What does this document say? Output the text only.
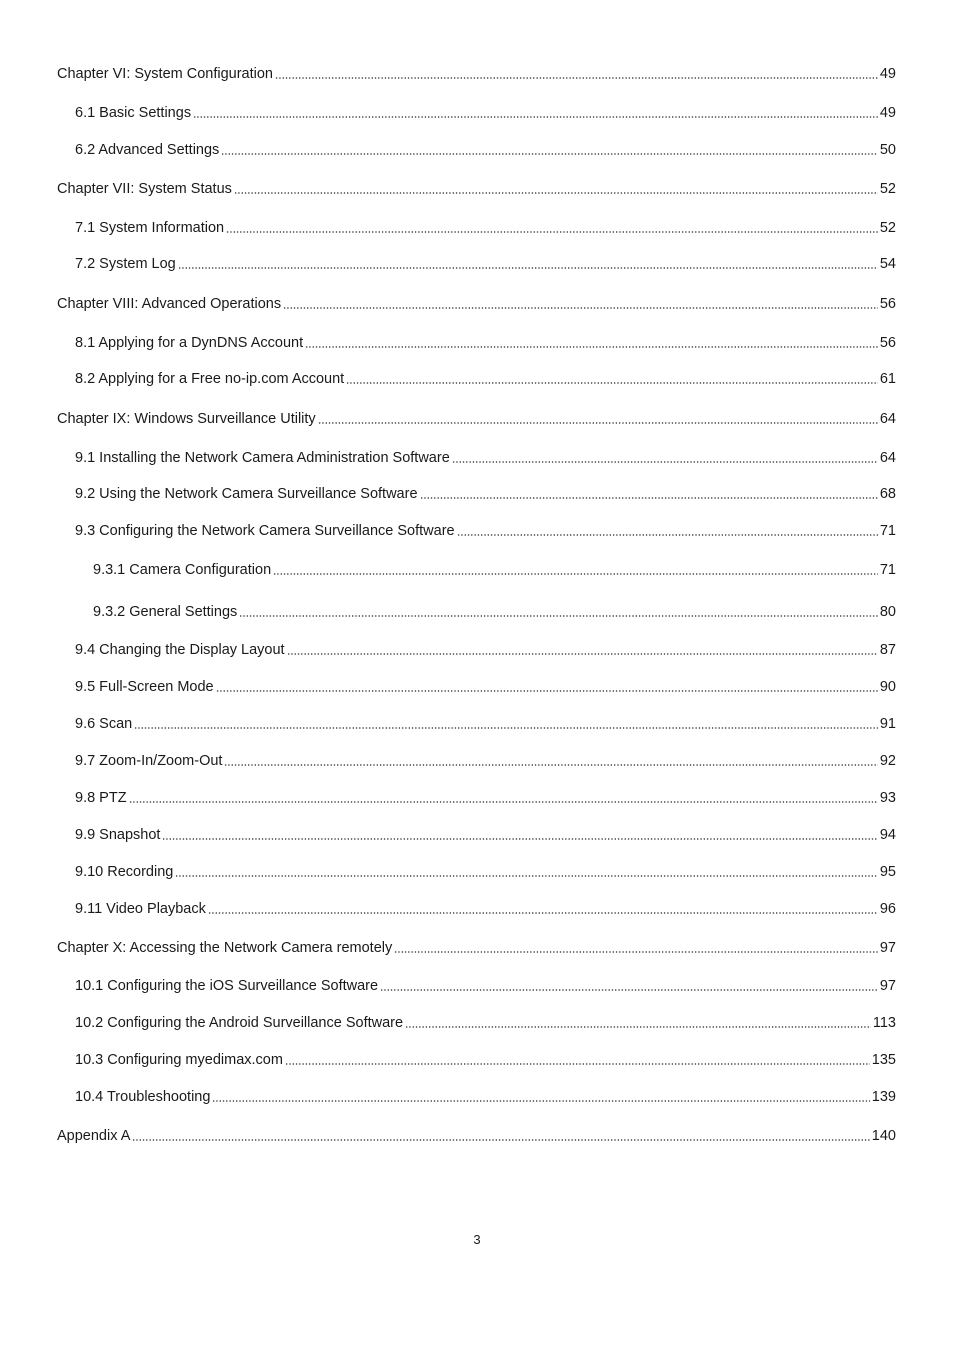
Chapter VI: System Configuration	49
6.1 Basic Settings	49
6.2 Advanced Settings	50
Chapter VII: System Status	52
7.1 System Information	52
7.2 System Log	54
Chapter VIII: Advanced Operations	56
8.1 Applying for a DynDNS Account	56
8.2 Applying for a Free no-ip.com Account	61
Chapter IX: Windows Surveillance Utility	64
9.1 Installing the Network Camera Administration Software	64
9.2 Using the Network Camera Surveillance Software	68
9.3 Configuring the Network Camera Surveillance Software	71
9.3.1 Camera Configuration	71
9.3.2 General Settings	80
9.4 Changing the Display Layout	87
9.5 Full-Screen Mode	90
9.6 Scan	91
9.7 Zoom-In/Zoom-Out	92
9.8 PTZ	93
9.9 Snapshot	94
9.10 Recording	95
9.11 Video Playback	96
Chapter X: Accessing the Network Camera remotely	97
10.1 Configuring the iOS Surveillance Software	97
10.2 Configuring the Android Surveillance Software	113
10.3 Configuring myedimax.com	135
10.4 Troubleshooting	139
Appendix A	140
3
